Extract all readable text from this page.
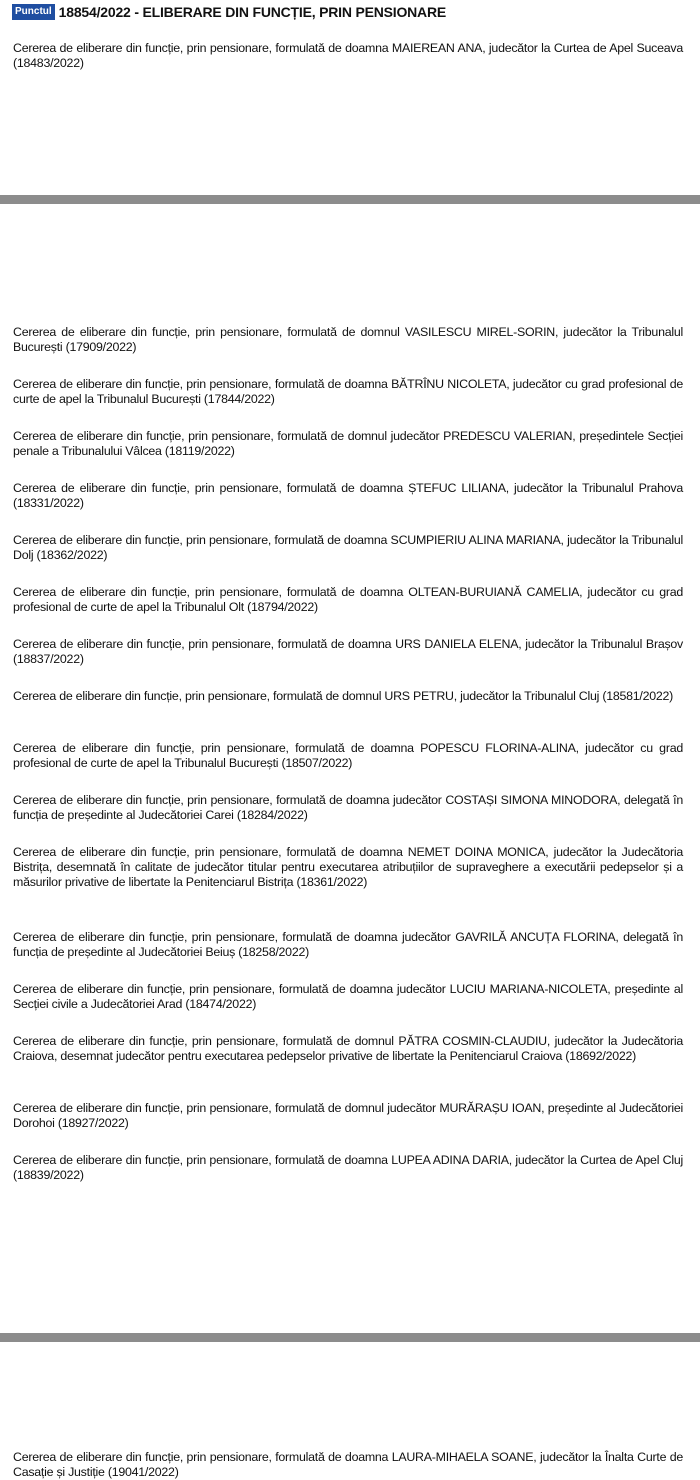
Punctul 18854/2022 - ELIBERARE DIN FUNCȚIE, PRIN PENSIONARE
Cererea de eliberare din funcție, prin pensionare, formulată de doamna MAIEREAN ANA, judecător la Curtea de Apel Suceava (18483/2022)
Cererea de eliberare din funcție, prin pensionare, formulată de domnul VASILESCU MIREL-SORIN, judecător la Tribunalul București (17909/2022)
Cererea de eliberare din funcție, prin pensionare, formulată de doamna BĂTRÎNU NICOLETA, judecător cu grad profesional de curte de apel la Tribunalul București (17844/2022)
Cererea de eliberare din funcție, prin pensionare, formulată de domnul judecător PREDESCU VALERIAN, președintele Secției penale a Tribunalului Vâlcea (18119/2022)
Cererea de eliberare din funcție, prin pensionare, formulată de doamna ȘTEFUC LILIANA, judecător la Tribunalul Prahova (18331/2022)
Cererea de eliberare din funcție, prin pensionare, formulată de doamna SCUMPIERIU ALINA MARIANA, judecător la Tribunalul Dolj (18362/2022)
Cererea de eliberare din funcție, prin pensionare, formulată de doamna OLTEAN-BURUIANĂ CAMELIA, judecător cu grad profesional de curte de apel la Tribunalul Olt (18794/2022)
Cererea de eliberare din funcție, prin pensionare, formulată de doamna URS DANIELA ELENA, judecător la Tribunalul Brașov (18837/2022)
Cererea de eliberare din funcție, prin pensionare, formulată de domnul URS PETRU, judecător la Tribunalul Cluj (18581/2022)
Cererea de eliberare din funcție, prin pensionare, formulată de doamna POPESCU FLORINA-ALINA, judecător cu grad profesional de curte de apel la Tribunalul București (18507/2022)
Cererea de eliberare din funcție, prin pensionare, formulată de doamna judecător COSTAȘI SIMONA MINODORA, delegată în funcția de președinte al Judecătoriei Carei (18284/2022)
Cererea de eliberare din funcție, prin pensionare, formulată de doamna NEMET DOINA MONICA, judecător la Judecătoria Bistrița, desemnată în calitate de judecător titular pentru executarea atribuțiilor de supraveghere a executării pedepselor și a măsurilor privative de libertate la Penitenciarul Bistrița (18361/2022)
Cererea de eliberare din funcție, prin pensionare, formulată de doamna judecător GAVRILĂ ANCUȚA FLORINA, delegată în funcția de președinte al Judecătoriei Beiuș (18258/2022)
Cererea de eliberare din funcție, prin pensionare, formulată de doamna judecător LUCIU MARIANA-NICOLETA, președinte al Secției civile a Judecătoriei Arad (18474/2022)
Cererea de eliberare din funcție, prin pensionare, formulată de domnul PĂTRA COSMIN-CLAUDIU, judecător la Judecătoria Craiova, desemnat judecător pentru executarea pedepselor privative de libertate la Penitenciarul Craiova (18692/2022)
Cererea de eliberare din funcție, prin pensionare, formulată de domnul judecător MURĂRAȘU IOAN, președinte al Judecătoriei Dorohoi (18927/2022)
Cererea de eliberare din funcție, prin pensionare, formulată de doamna LUPEA ADINA DARIA, judecător la Curtea de Apel Cluj (18839/2022)
Cererea de eliberare din funcție, prin pensionare, formulată de doamna LAURA-MIHAELA SOANE, judecător la Înalta Curte de Casație și Justiție (19041/2022)
